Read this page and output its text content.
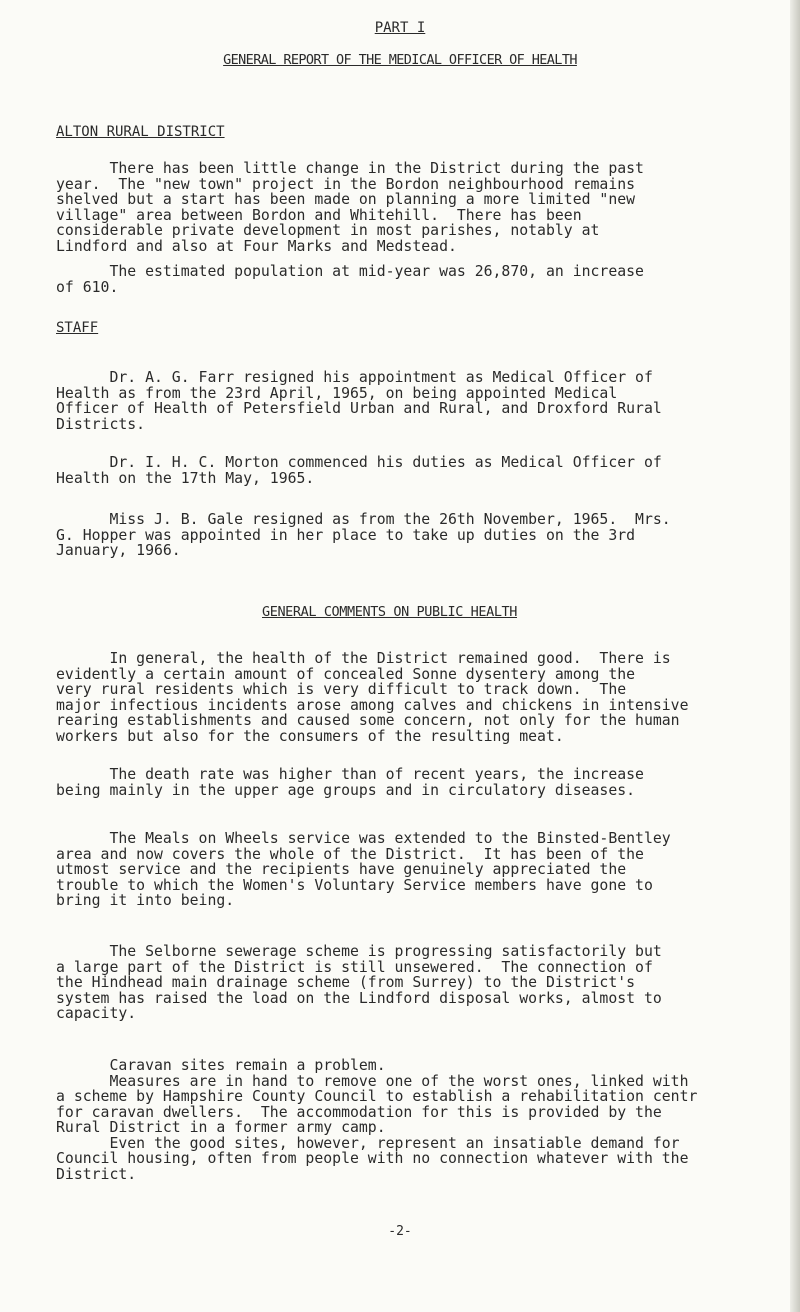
PART I
GENERAL REPORT OF THE MEDICAL OFFICER OF HEALTH
ALTON RURAL DISTRICT
There has been little change in the District during the past
year.  The "new town" project in the Bordon neighbourhood remains
shelved but a start has been made on planning a more limited "new
village" area between Bordon and Whitehill.  There has been
considerable private development in most parishes, notably at
Lindford and also at Four Marks and Medstead.
The estimated population at mid-year was 26,870, an increase
of 610.
STAFF
Dr. A. G. Farr resigned his appointment as Medical Officer of
Health as from the 23rd April, 1965, on being appointed Medical
Officer of Health of Petersfield Urban and Rural, and Droxford Rural
Districts.
Dr. I. H. C. Morton commenced his duties as Medical Officer of
Health on the 17th May, 1965.
Miss J. B. Gale resigned as from the 26th November, 1965.  Mrs.
G. Hopper was appointed in her place to take up duties on the 3rd
January, 1966.
GENERAL COMMENTS ON PUBLIC HEALTH
In general, the health of the District remained good.  There is
evidently a certain amount of concealed Sonne dysentery among the
very rural residents which is very difficult to track down.  The
major infectious incidents arose among calves and chickens in intensive
rearing establishments and caused some concern, not only for the human
workers but also for the consumers of the resulting meat.
The death rate was higher than of recent years, the increase
being mainly in the upper age groups and in circulatory diseases.
The Meals on Wheels service was extended to the Binsted-Bentley
area and now covers the whole of the District.  It has been of the
utmost service and the recipients have genuinely appreciated the
trouble to which the Women's Voluntary Service members have gone to
bring it into being.
The Selborne sewerage scheme is progressing satisfactorily but
a large part of the District is still unsewered.  The connection of
the Hindhead main drainage scheme (from Surrey) to the District's
system has raised the load on the Lindford disposal works, almost to
capacity.
Caravan sites remain a problem.
Measures are in hand to remove one of the worst ones, linked with
a scheme by Hampshire County Council to establish a rehabilitation centr
for caravan dwellers.  The accommodation for this is provided by the
Rural District in a former army camp.
Even the good sites, however, represent an insatiable demand for
Council housing, often from people with no connection whatever with the
District.
-2-
